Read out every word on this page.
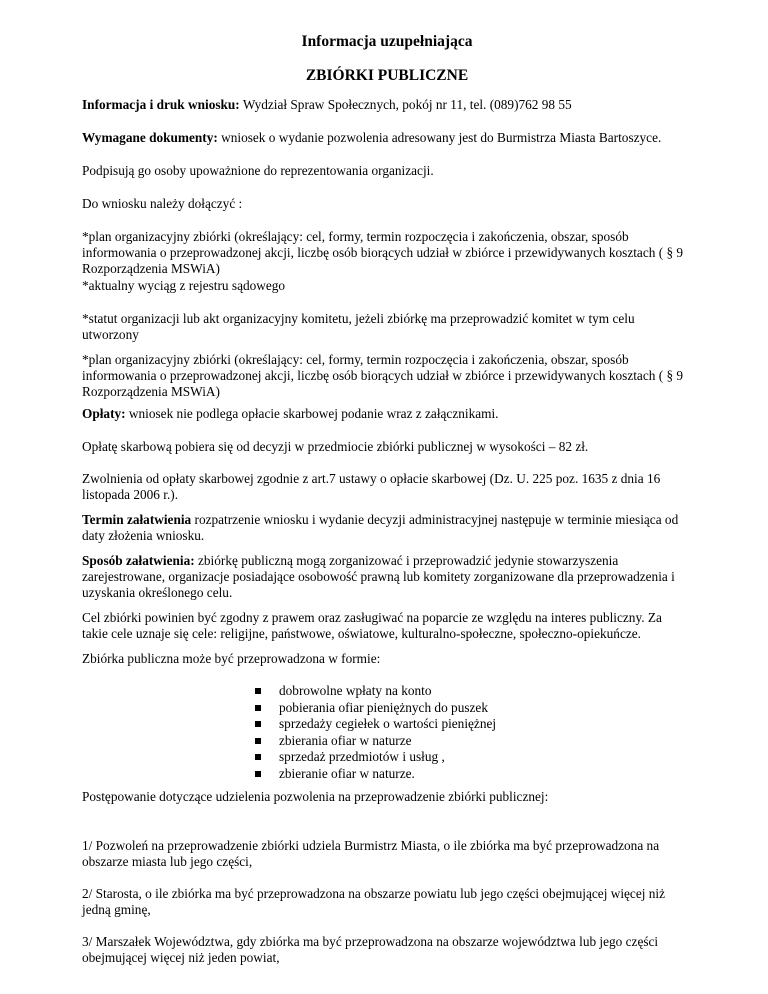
Informacja uzupełniająca
ZBIÓRKI PUBLICZNE

Informacja i druk wniosku: Wydział Spraw Społecznych, pokój nr 11, tel. (089)762 98 55

Wymagane dokumenty: wniosek o wydanie pozwolenia adresowany jest do Burmistrza Miasta Bartoszyce.

Podpisują go osoby upoważnione do reprezentowania organizacji.

Do wniosku należy dołączyć :

*plan organizacyjny zbiórki (określający: cel, formy, termin rozpoczęcia i zakończenia, obszar, sposób informowania o przeprowadzonej akcji, liczbę osób biorących udział w zbiórce i przewidywanych kosztach ( § 9 Rozporządzenia MSWiA)

*aktualny wyciąg z rejestru sądowego

*statut organizacji lub akt organizacyjny komitetu, jeżeli zbiórkę ma przeprowadzić komitet w tym celu utworzony

*plan organizacyjny zbiórki (określający: cel, formy, termin rozpoczęcia i zakończenia, obszar, sposób informowania o przeprowadzonej akcji, liczbę osób biorących udział w zbiórce i przewidywanych kosztach ( § 9 Rozporządzenia MSWiA)

Opłaty: wniosek nie podlega opłacie skarbowej podanie wraz z załącznikami.

Opłatę skarbową pobiera się od decyzji w przedmiocie zbiórki publicznej w wysokości – 82 zł.

Zwolnienia od opłaty skarbowej zgodnie z art.7 ustawy o opłacie skarbowej (Dz. U. 225 poz. 1635 z dnia 16 listopada 2006 r.).

Termin załatwienia rozpatrzenie wniosku i wydanie decyzji administracyjnej następuje w terminie miesiąca od daty złożenia wniosku.

Sposób załatwienia: zbiórkę publiczną mogą zorganizować i przeprowadzić jedynie stowarzyszenia zarejestrowane, organizacje posiadające osobowość prawną lub komitety zorganizowane dla przeprowadzenia i uzyskania określonego celu.

Cel zbiórki powinien być zgodny z prawem oraz zasługiwać na poparcie ze względu na interes publiczny. Za takie cele uznaje się cele: religijne, państwowe, oświatowe, kulturalno-społeczne, społeczno-opiekuńcze.

Zbiórka publiczna może być przeprowadzona w formie:

dobrowolne wpłaty na konto
pobierania ofiar pieniężnych do puszek
sprzedaży cegiełek o wartości pieniężnej
zbierania ofiar w naturze
sprzedaż przedmiotów i usług ,
zbieranie ofiar w naturze.

Postępowanie dotyczące udzielenia pozwolenia na przeprowadzenie zbiórki publicznej:

1/ Pozwoleń na przeprowadzenie zbiórki udziela Burmistrz Miasta, o ile zbiórka ma być przeprowadzona na obszarze miasta lub jego części,

2/ Starosta, o ile zbiórka ma być przeprowadzona na obszarze powiatu lub jego części obejmującej więcej niż jedną gminę,

3/ Marszałek Województwa, gdy zbiórka ma być przeprowadzona na obszarze województwa lub jego części obejmującej więcej niż jeden powiat,
